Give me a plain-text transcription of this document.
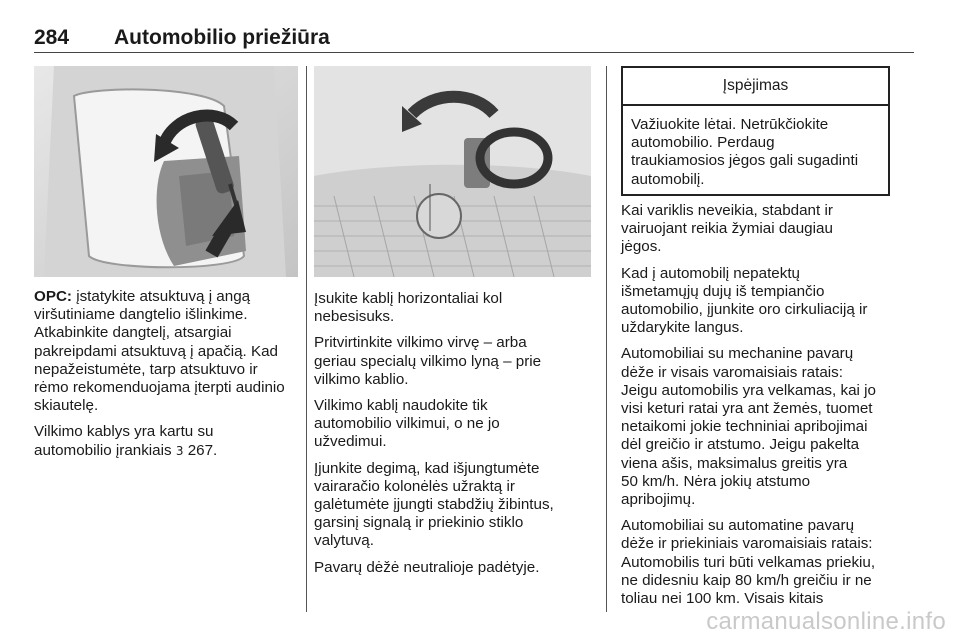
284 Automobilio priežiūra

OPC: įstatykite atsuktuvą į angą
viršutiniame dangtelio išlinkime.
Atkabinkite dangtelį, atsargiai
pakreipdami atsuktuvą į apačią. Kad
nepažeistumėte, tarp atsuktuvo ir
rėmo rekomenduojama įterpti audinio
skiautelę.

Vilkimo kablys yra kartu su
automobilio įrankiais 3 267.

Įsukite kablį horizontaliai kol
nebesisuks.

Pritvirtinkite vilkimo virvę – arba
geriau specialų vilkimo lyną – prie
vilkimo kablio.

Vilkimo kablį naudokite tik
automobilio vilkimui, o ne jo
užvedimui.

Įjunkite degimą, kad išjungtumėte
vairaračio kolonėlės užraktą ir
galėtumėte įjungti stabdžių žibintus,
garsinį signalą ir priekinio stiklo
valytuvą.

Pavarų dėžė neutralioje padėtyje.

Įspėjimas
Važiuokite lėtai. Netrūkčiokite
automobilio. Perdaug
traukiamosios jėgos gali sugadinti
automobilį.

Kai variklis neveikia, stabdant ir
vairuojant reikia žymiai daugiau
jėgos.

Kad į automobilį nepatektų
išmetamųjų dujų iš tempiančio
automobilio, įjunkite oro cirkuliaciją ir
uždarykite langus.

Automobiliai su mechanine pavarų
dėže ir visais varomaisiais ratais:
Jeigu automobilis yra velkamas, kai jo
visi keturi ratai yra ant žemės, tuomet
netaikomi jokie techniniai apribojimai
dėl greičio ir atstumo. Jeigu pakelta
viena ašis, maksimalus greitis yra
50 km/h. Nėra jokių atstumo
apribojimų.

Automobiliai su automatine pavarų
dėže ir priekiniais varomaisiais ratais:
Automobilis turi būti velkamas priekiu,
ne didesniu kaip 80 km/h greičiu ir ne
toliau nei 100 km. Visais kitais

carmanualsonline.info
